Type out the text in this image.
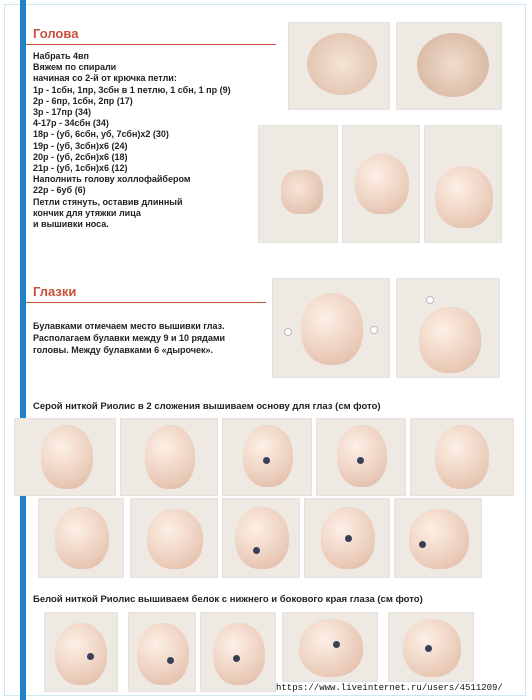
Голова

Набрать 4вп
Вяжем по спирали
начиная со 2-й от крючка петли:
1р - 1сбн, 1пр, 3сбн в 1 петлю, 1 сбн, 1 пр (9)
2р - 6пр, 1сбн, 2пр (17)
3р - 17пр (34)
4-17р - 34сбн (34)
18р - (уб, 6сбн, уб, 7сбн)х2 (30)
19р - (уб, 3сбн)х6 (24)
20р - (уб, 2сбн)х6 (18)
21р - (уб, 1сбн)х6 (12)
Наполнить голову холлофайбером
22р - 6уб (6)
Петли стянуть, оставив длинный
кончик для утяжки лица
и вышивки носа.

Глазки

Булавками отмечаем место вышивки глаз.
Располагаем булавки между 9 и 10 рядами
головы. Между булавками 6 «дырочек».

Серой ниткой Риолис в 2 сложения вышиваем основу для глаз (см фото)

Белой ниткой Риолис вышиваем белок с нижнего и бокового края глаза (см фото)

https://www.liveinternet.ru/users/4511209/
